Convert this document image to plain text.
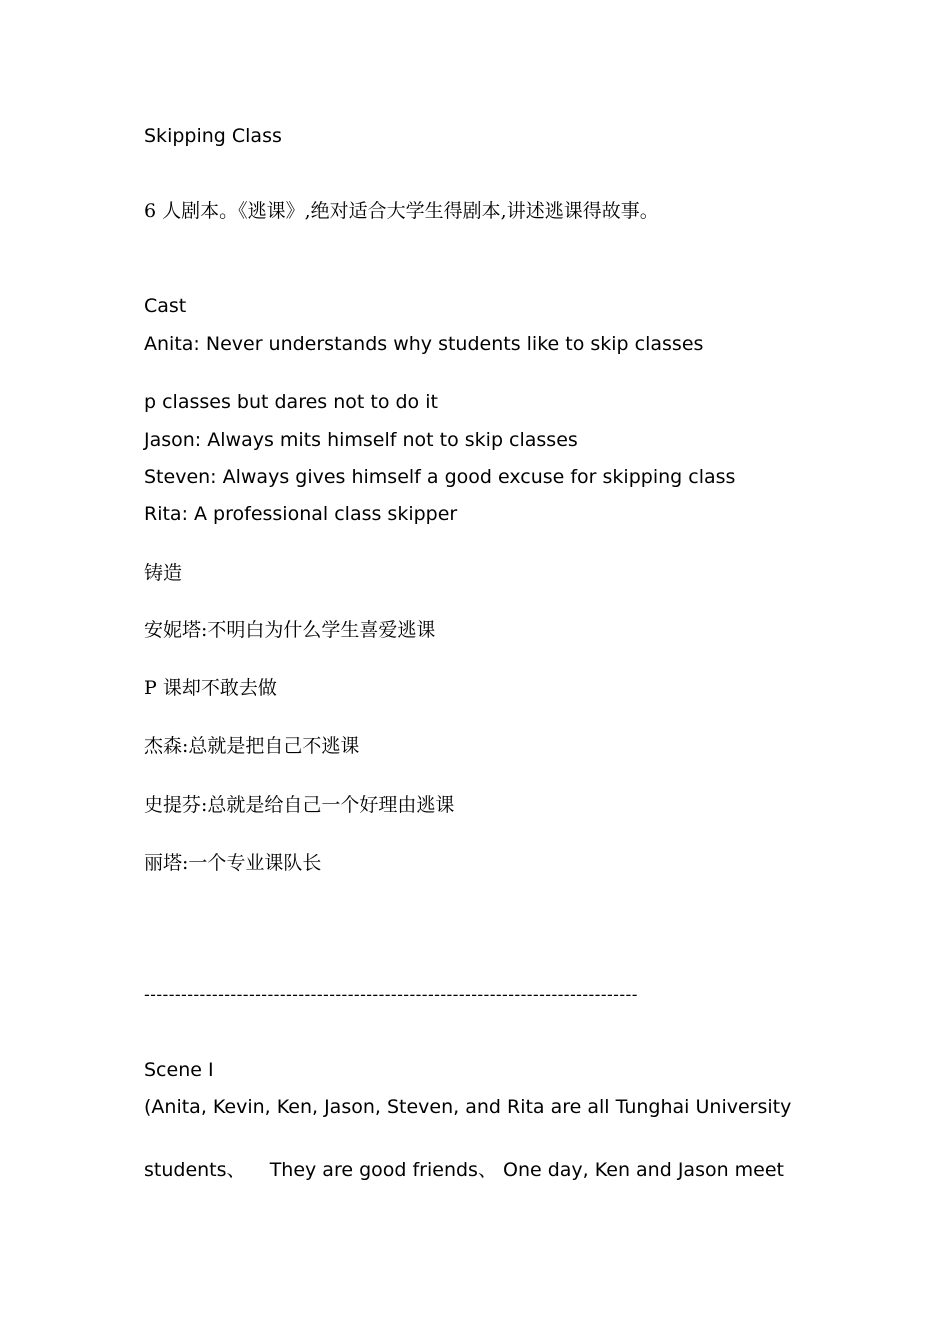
Skipping Class
6 人剧本。《逃课》,绝对适合大学生得剧本,讲述逃课得故事。
Cast
Anita: Never understands why students like to skip classes
p classes but dares not to do it
Jason: Always mits himself not to skip classes
Steven: Always gives himself a good excuse for skipping class
Rita: A professional class skipper
铸造
安妮塔:不明白为什么学生喜爱逃课
P 课却不敢去做
杰森:总就是把自己不逃课
史提芬:总就是给自己一个好理由逃课
丽塔:一个专业课队长
--------------------------------------------------------------------------------
Scene I
(Anita, Kevin, Ken, Jason, Steven, and Rita are all Tunghai University
students、    They are good friends、 One day, Ken and Jason meet
